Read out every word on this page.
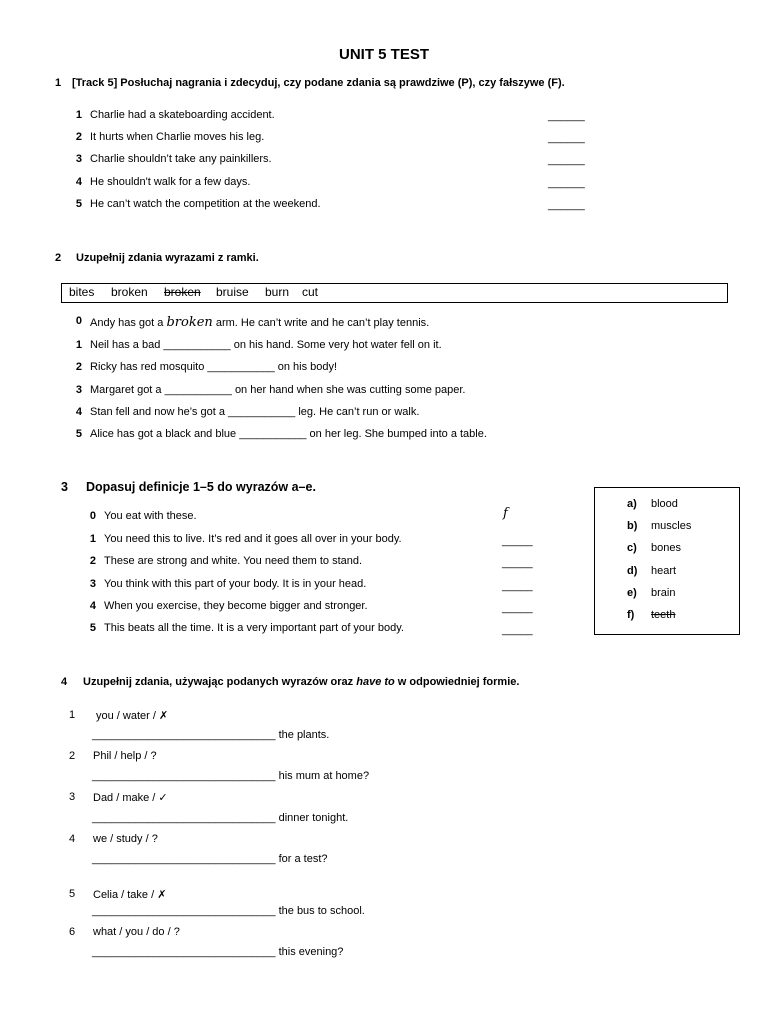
UNIT 5 TEST
1 [Track 5] Posłuchaj nagrania i zdecyduj, czy podane zdania są prawdziwe (P), czy fałszywe (F).
1 Charlie had a skateboarding accident.	______
2 It hurts when Charlie moves his leg.	______
3 Charlie shouldn’t take any painkillers.	______
4 He shouldn't walk for a few days.	______
5 He can’t watch the competition at the weekend.	______
2 Uzupełnij zdania wyrazami z ramki.
bites broken broken bruise burn cut
0 Andy has got a broken arm. He can’t write and he can’t play tennis.
1 Neil has a bad ___________ on his hand. Some very hot water fell on it.
2 Ricky has red mosquito ___________ on his body!
3 Margaret got a ___________ on her hand when she was cutting some paper.
4 Stan fell and now he’s got a ___________ leg. He can’t run or walk.
5 Alice has got a black and blue ___________ on her leg. She bumped into a table.
3 Dopasuj definicje 1–5 do wyrazów a–e.
0 You eat with these.	f
1 You need this to live. It’s red and it goes all over in your body.	_____
2 These are strong and white. You need them to stand.	_____
3 You think with this part of your body. It is in your head.	_____
4 When you exercise, they become bigger and stronger.	_____
5 This beats all the time. It is a very important part of your body.	_____
a) blood
b) muscles
c) bones
d) heart
e) brain
f) teeth
4 Uzupełnij zdania, używając podanych wyrazów oraz have to w odpowiedniej formie.
1 you / water / ✗
______________________________ the plants.
2 Phil / help / ?
______________________________ his mum at home?
3 Dad / make / ✓
______________________________ dinner tonight.
4 we / study / ?
______________________________ for a test?
5 Celia / take / ✗
______________________________ the bus to school.
6 what / you / do / ?
______________________________ this evening?
